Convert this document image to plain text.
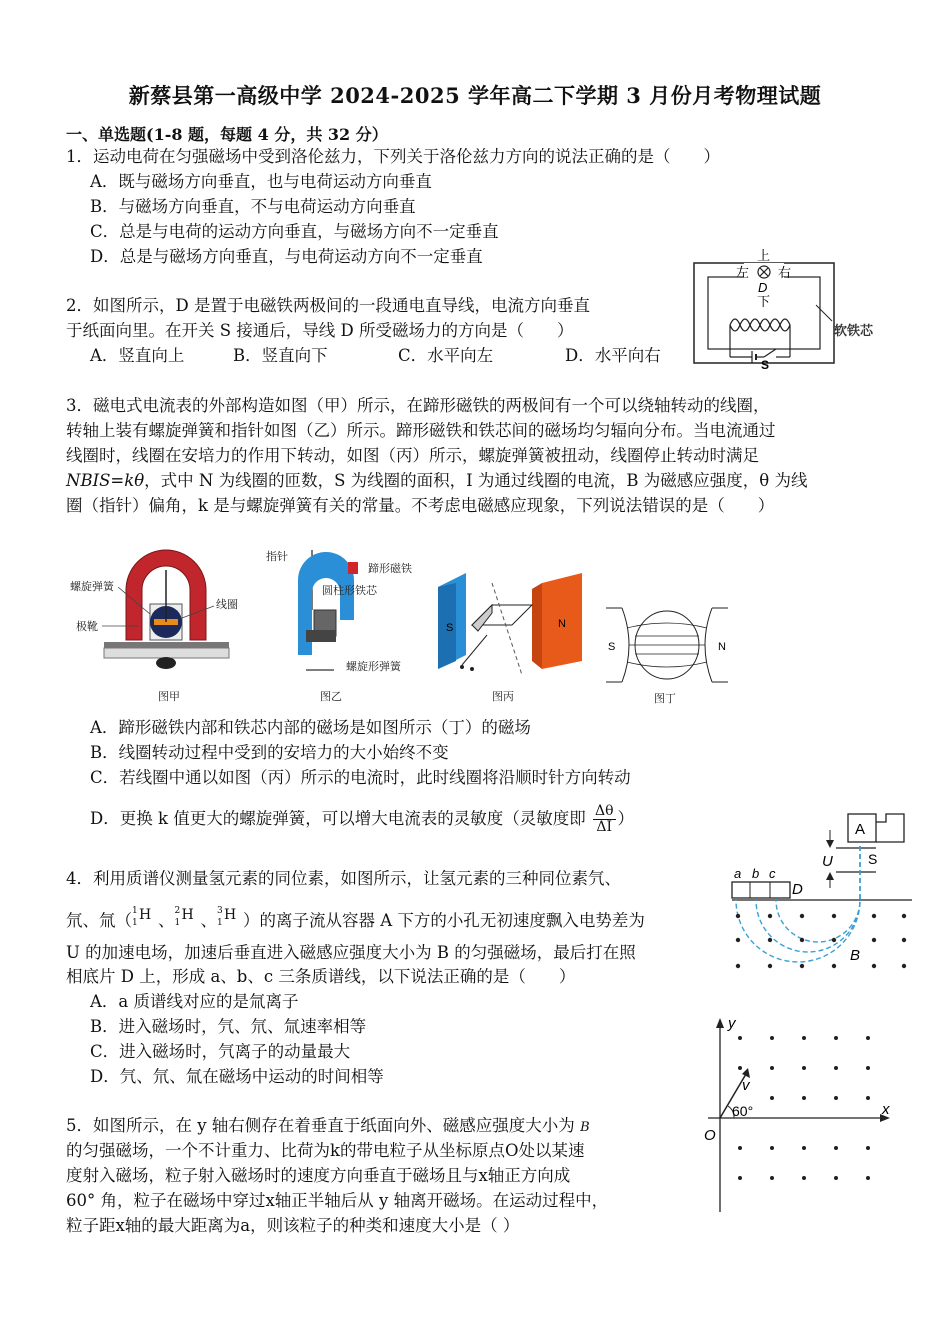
新蔡县第一高级中学 2024-2025 学年高二下学期 3 月份月考物理试题
一、单选题(1-8 题，每题 4 分，共 32 分）
1．运动电荷在匀强磁场中受到洛伦兹力，下列关于洛伦兹力方向的说法正确的是（　　）
A．既与磁场方向垂直，也与电荷运动方向垂直
B．与磁场方向垂直，不与电荷运动方向垂直
C．总是与电荷的运动方向垂直，与磁场方向不一定垂直
D．总是与磁场方向垂直，与电荷运动方向不一定垂直
2．如图所示，D 是置于电磁铁两极间的一段通电直导线，电流方向垂直
于纸面向里。在开关 S 接通后，导线 D 所受磁场力的方向是（　　）
A．竖直向上	B．竖直向下	C．水平向左	D．水平向右
上
左 右
D
下
S
软铁芯
3．磁电式电流表的外部构造如图（甲）所示，在蹄形磁铁的两极间有一个可以绕轴转动的线圈，
转轴上装有螺旋弹簧和指针如图（乙）所示。蹄形磁铁和铁芯间的磁场均匀辐向分布。当电流通过
线圈时，线圈在安培力的作用下转动，如图（丙）所示，螺旋弹簧被扭动，线圈停止转动时满足
NBIS=kθ，式中 N 为线圈的匝数，S 为线圈的面积，I 为通过线圈的电流，B 为磁感应强度，θ 为线
圈（指针）偏角，k 是与螺旋弹簧有关的常量。不考虑电磁感应现象，下列说法错误的是（　　）
螺旋弹簧
极靴
线圈
图甲
指针
蹄形磁铁
圆柱形铁芯
螺旋形弹簧
图乙
S	N
图丙
S	N
图丁
A．蹄形磁铁内部和铁芯内部的磁场是如图所示（丁）的磁场
B．线圈转动过程中受到的安培力的大小始终不变
C．若线圈中通以如图（丙）所示的电流时，此时线圈将沿顺时针方向转动
D．更换 k 值更大的螺旋弹簧，可以增大电流表的灵敏度（灵敏度即 $\frac{\Delta\theta}{\Delta I}$ ）
4．利用质谱仪测量氢元素的同位素，如图所示，让氢元素的三种同位素氕、
氘、氚（ 1
1 H 、 2
1 H 、 3
1 H ）的离子流从容器 A 下方的小孔无初速度飘入电势差为
U 的加速电场，加速后垂直进入磁感应强度大小为 B 的匀强磁场，最后打在照
相底片 D 上，形成 a、b、c 三条质谱线，以下说法正确的是（　　）
A．a 质谱线对应的是氚离子
B．进入磁场时，氕、氘、氚速率相等
C．进入磁场时，氕离子的动量最大
D．氕、氘、氚在磁场中运动的时间相等
A
S
U
a b c
D
B
5．如图所示，在 y 轴右侧存在着垂直于纸面向外、磁感应强度大小为 B
的匀强磁场，一个不计重力、比荷为k的带电粒子从坐标原点O处以某速
度射入磁场，粒子射入磁场时的速度方向垂直于磁场且与x轴正方向成
60° 角，粒子在磁场中穿过x轴正半轴后从 y 轴离开磁场。在运动过程中，
粒子距x轴的最大距离为a，则该粒子的种类和速度大小是（ ）
y
x
O
v
60°
